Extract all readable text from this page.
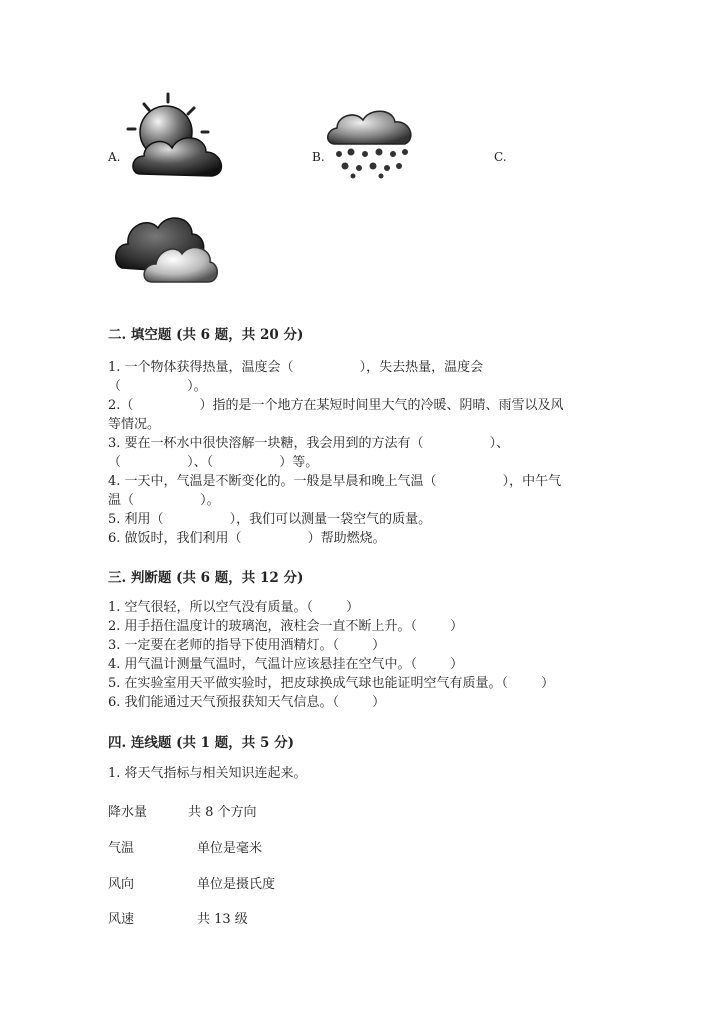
A.	B.	C.
二. 填空题 (共 6 题，共 20 分)
1. 一个物体获得热量，温度会（                ），失去热量，温度会
（                ）。
2.（                ）指的是一个地方在某短时间里大气的冷暖、阴晴、雨雪以及风
等情况。
3. 要在一杯水中很快溶解一块糖，我会用到的方法有（                ）、
（                ）、（                ）等。
4. 一天中，气温是不断变化的。一般是早晨和晚上气温（                ），中午气
温（                ）。
5. 利用（                ），我们可以测量一袋空气的质量。
6. 做饭时，我们利用（                ）帮助燃烧。
三. 判断题 (共 6 题，共 12 分)
1. 空气很轻，所以空气没有质量。（        ）
2. 用手捂住温度计的玻璃泡，液柱会一直不断上升。（        ）
3. 一定要在老师的指导下使用酒精灯。（        ）
4. 用气温计测量气温时，气温计应该悬挂在空气中。（        ）
5. 在实验室用天平做实验时，把皮球换成气球也能证明空气有质量。（        ）
6. 我们能通过天气预报获知天气信息。（        ）
四. 连线题 (共 1 题，共 5 分)
1. 将天气指标与相关知识连起来。
降水量	共 8 个方向
气温	单位是毫米
风向	单位是摄氏度
风速	共 13 级
